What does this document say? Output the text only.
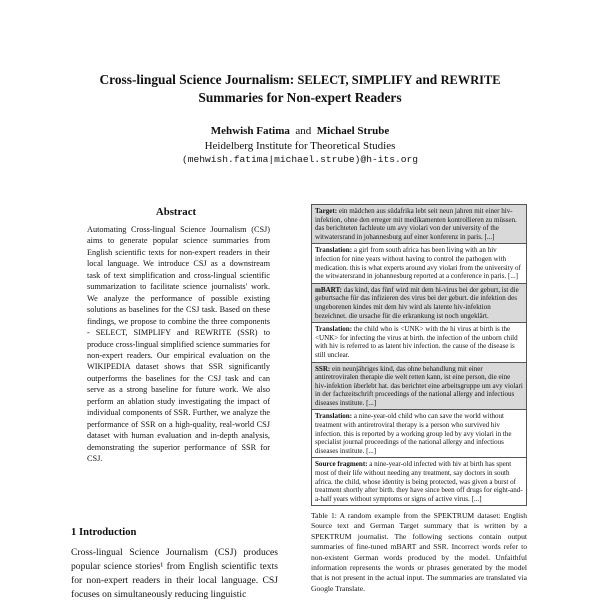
Cross-lingual Science Journalism: SELECT, SIMPLIFY and REWRITE
Summaries for Non-expert Readers
Mehwish Fatima and Michael Strube
Heidelberg Institute for Theoretical Studies
(mehwish.fatima|michael.strube)@h-its.org
Abstract

Automating Cross-lingual Science Journalism (CSJ) aims to generate popular science summaries from English scientific texts for non-expert readers in their local language. We introduce CSJ as a downstream task of text simplification and cross-lingual scientific summarization to facilitate science journalists' work. We analyze the performance of possible existing solutions as baselines for the CSJ task. Based on these findings, we propose to combine the three components - SELECT, SIMPLIFY and REWRITE (SSR) to produce cross-lingual simplified science summaries for non-expert readers. Our empirical evaluation on the WIKIPEDIA dataset shows that SSR significantly outperforms the baselines for the CSJ task and can serve as a strong baseline for future work. We also perform an ablation study investigating the impact of individual components of SSR. Further, we analyze the performance of SSR on a high-quality, real-world CSJ dataset with human evaluation and in-depth analysis, demonstrating the superior performance of SSR for CSJ.

1 Introduction

Cross-lingual Science Journalism (CSJ) produces popular science stories¹ from English scientific texts for non-expert readers in their local language. CSJ focuses on simultaneously reducing linguistic

Target: ein mädchen aus südafrika lebt seit neun jahren mit einer hiv-infektion, ohne den erreger mit medikamenten kontrollieren zu müssen. das berichteten fachleute um avy violari von der university of the witwatersrand in johannesburg auf einer konferenz in paris. [...]
Translation: a girl from south africa has been living with an hiv infection for nine years without having to control the pathogen with medication. this is what experts around avy violari from the university of the witwatersrand in johannesburg reported at a conference in paris. [...]
mBART: das kind, das fünf wird mit dem hi-virus bei der geburt, ist die geburtsache für das infizieren des virus bei der geburt. die infektion des ungeborenen kindes mit dem hiv wird als latente hiv-infektion bezeichnet. die ursache für die erkrankung ist noch ungeklärt.
Translation: the child who is <UNK> with the hi virus at birth is the <UNK> for infecting the virus at birth. the infection of the unborn child with hiv is referred to as latent hiv infection. the cause of the disease is still unclear.
SSR: ein neunjähriges kind, das ohne behandlung mit einer antiretroviralen therapie die welt retten kann, ist eine person, die eine hiv-infektion überlebt hat. das berichtet eine arbeitsgruppe um avy violari in der fachzeitschrift proceedings of the national allergy and infectious diseases institute. [...]
Translation: a nine-year-old child who can save the world without treatment with antiretroviral therapy is a person who survived hiv infection. this is reported by a working group led by avy violari in the specialist journal proceedings of the national allergy and infectious diseases institute. [...]
Source fragment: a nine-year-old infected with hiv at birth has spent most of their life without needing any treatment, say doctors in south africa. the child, whose identity is being protected, was given a burst of treatment shortly after birth. they have since been off drugs for eight-and-a-half years without symptoms or signs of active virus. [...]

Table 1: A random example from the SPEKTRUM dataset: English Source text and German Target summary that is written by a SPEKTRUM journalist. The following sections contain output summaries of fine-tuned mBART and SSR. Incorrect words refer to non-existent German words produced by the model. Unfaithful information represents the words or phrases generated by the model that is not present in the actual input. The summaries are translated via Google Translate.
